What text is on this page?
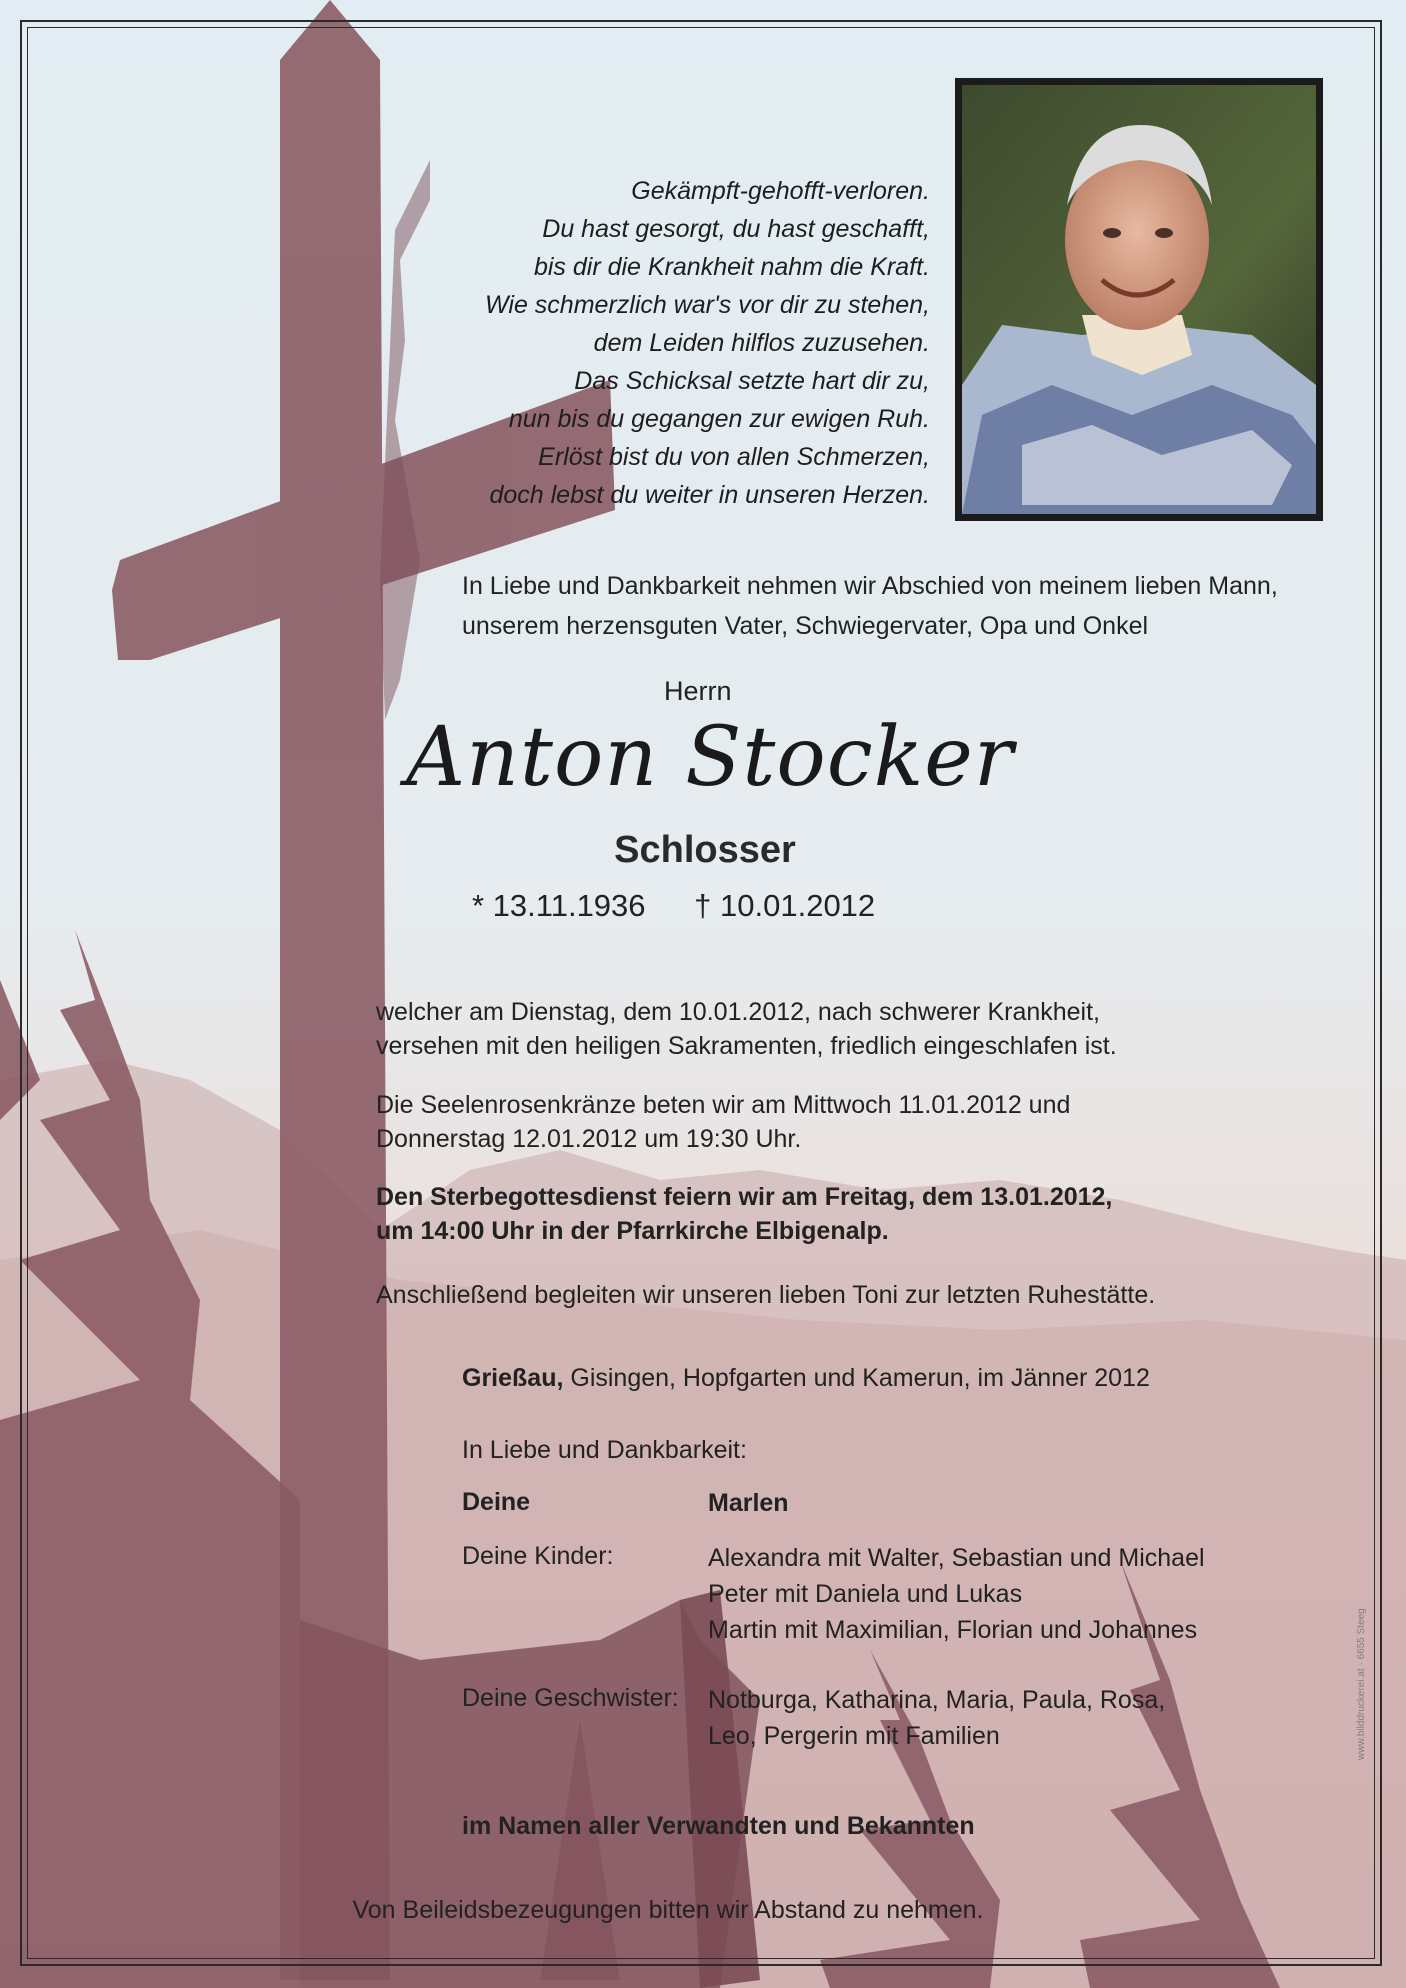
Gekämpft-gehofft-verloren.
Du hast gesorgt, du hast geschafft,
bis dir die Krankheit nahm die Kraft.
Wie schmerzlich war's vor dir zu stehen,
dem Leiden hilflos zuzusehen.
Das Schicksal setzte hart dir zu,
nun bis du gegangen zur ewigen Ruh.
Erlöst bist du von allen Schmerzen,
doch lebst du weiter in unseren Herzen.
In Liebe und Dankbarkeit nehmen wir Abschied von meinem lieben Mann,
unserem herzensguten Vater, Schwiegervater, Opa und Onkel
Herrn
Anton Stocker
Schlosser
* 13.11.1936 † 10.01.2012
welcher am Dienstag, dem 10.01.2012, nach schwerer Krankheit,
versehen mit den heiligen Sakramenten, friedlich eingeschlafen ist.
Die Seelenrosenkränze beten wir am Mittwoch 11.01.2012 und
Donnerstag 12.01.2012 um 19:30 Uhr.
Den Sterbegottesdienst feiern wir am Freitag, dem 13.01.2012,
um 14:00 Uhr in der Pfarrkirche Elbigenalp.
Anschließend begleiten wir unseren lieben Toni zur letzten Ruhestätte.
Grießau, Gisingen, Hopfgarten und Kamerun, im Jänner 2012
In Liebe und Dankbarkeit:
Deine	Marlen
Deine Kinder:	Alexandra mit Walter, Sebastian und Michael
Peter mit Daniela und Lukas
Martin mit Maximilian, Florian und Johannes
Deine Geschwister: Notburga, Katharina, Maria, Paula, Rosa,
Leo, Pergerin mit Familien
im Namen aller Verwandten und Bekannten
Von Beileidsbezeugungen bitten wir Abstand zu nehmen.
www.bilddruckerei.at · 6655 Steeg
